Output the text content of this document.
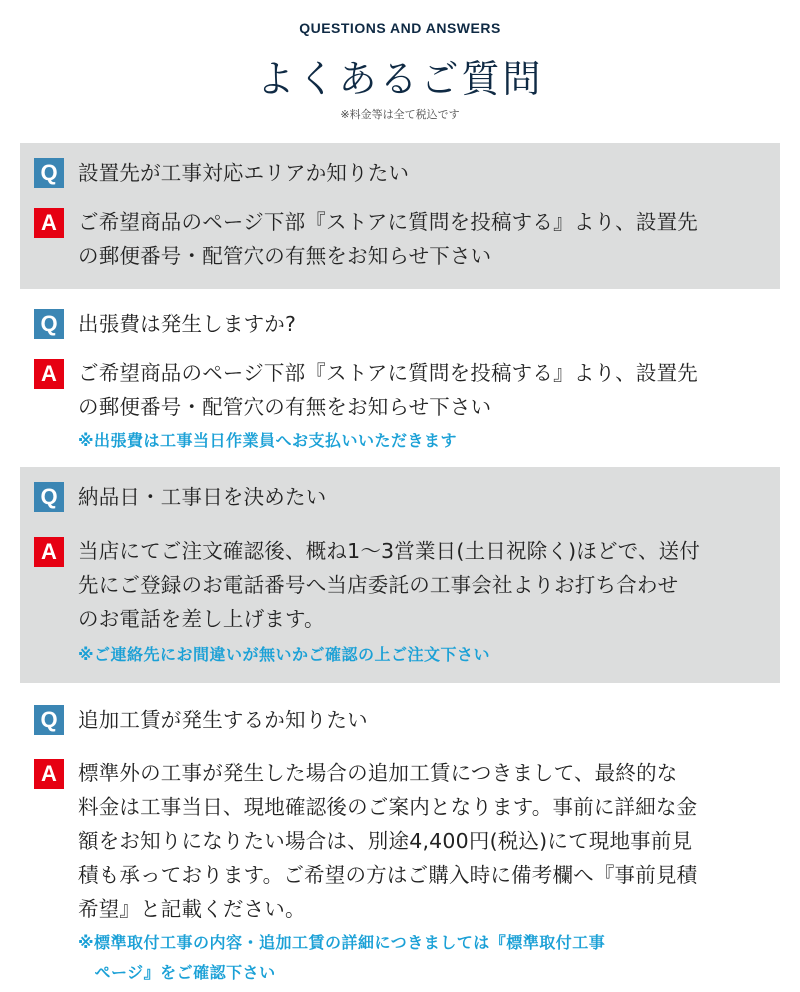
QUESTIONS AND ANSWERS
よくあるご質問
※料金等は全て税込です
Q 設置先が工事対応エリアか知りたい
A	ご希望商品のページ下部『ストアに質問を投稿する』より、設置先
の郵便番号・配管穴の有無をお知らせ下さい
Q 出張費は発生しますか?
A	ご希望商品のページ下部『ストアに質問を投稿する』より、設置先
の郵便番号・配管穴の有無をお知らせ下さい
※出張費は工事当日作業員へお支払いいただきます
Q 納品日・工事日を決めたい
A	当店にてご注文確認後、概ね1〜3営業日(土日祝除く)ほどで、送付
先にご登録のお電話番号へ当店委託の工事会社よりお打ち合わせ
のお電話を差し上げます。
※ご連絡先にお間違いが無いかご確認の上ご注文下さい
Q 追加工賃が発生するか知りたい
A	標準外の工事が発生した場合の追加工賃につきまして、最終的な
料金は工事当日、現地確認後のご案内となります。事前に詳細な金
額をお知りになりたい場合は、別途4,400円(税込)にて現地事前見
積も承っております。ご希望の方はご購入時に備考欄へ『事前見積
希望』と記載ください。
※標準取付工事の内容・追加工賃の詳細につきましては『標準取付工事
　ページ』をご確認下さい
